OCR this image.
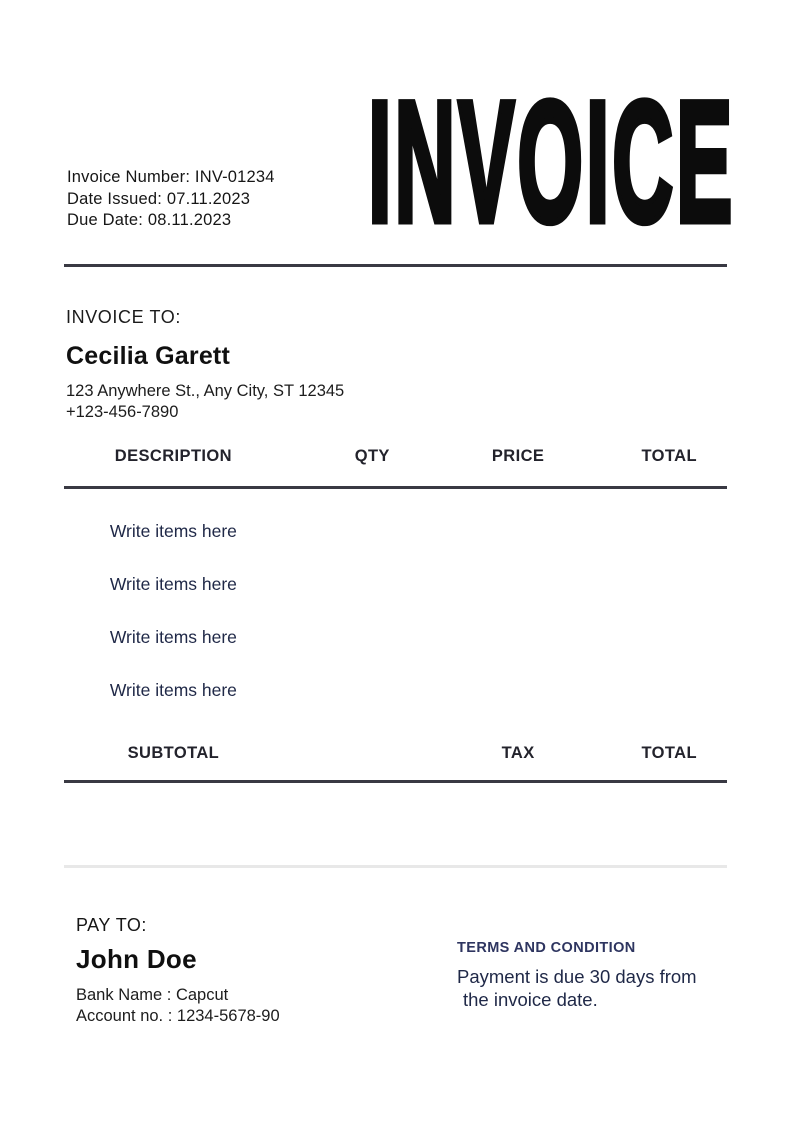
Invoice Number: INV-01234
Date Issued: 07.11.2023
Due Date: 08.11.2023 INVOICE
INVOICE TO:
Cecilia Garett
123 Anywhere St., Any City, ST 12345
+123-456-7890
DESCRIPTION	QTY	PRICE	TOTAL
Write items here
Write items here
Write items here
Write items here
SUBTOTAL	TAX	TOTAL
PAY TO:
John Doe
Bank Name : Capcut
Account no. : 1234-5678-90
TERMS AND CONDITION
Payment is due 30 days from
the invoice date.
